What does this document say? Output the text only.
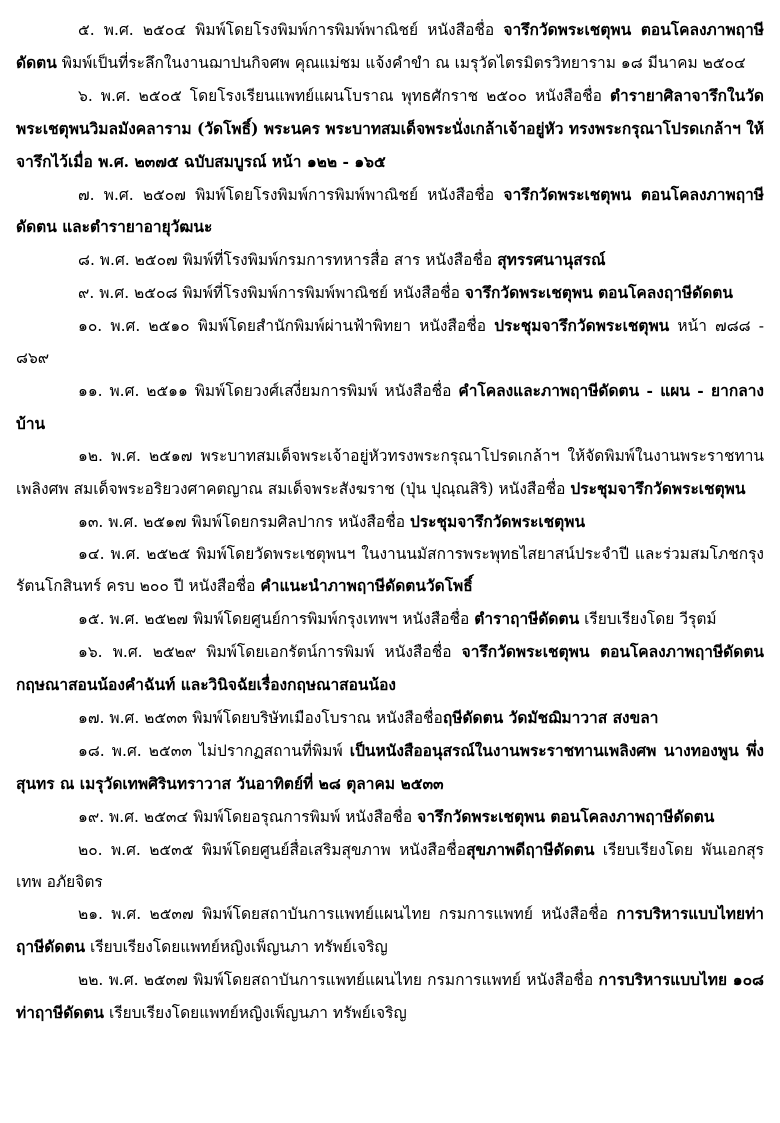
๕. พ.ศ. ๒๕๐๔ พิมพ์โดยโรงพิมพ์การพิมพ์พาณิชย์ หนังสือชื่อ จารึกวัดพระเชตุพน ตอนโคลงภาพฤาษีดัดตน พิมพ์เป็นที่ระลึกในงานฌาปนกิจศพ คุณแม่ชม แจ้งคำขำ ณ เมรุวัดไตรมิตรวิทยาราม ๑๘ มีนาคม ๒๕๐๔

๖. พ.ศ. ๒๕๐๕ โดยโรงเรียนแพทย์แผนโบราณ พุทธศักราช ๒๕๐๐ หนังสือชื่อ ตำรายาศิลาจารึกในวัดพระเชตุพนวิมลมังคลาราม (วัดโพธิ์) พระนคร พระบาทสมเด็จพระนั่งเกล้าเจ้าอยู่หัว ทรงพระกรุณาโปรดเกล้าฯ ให้จารึกไว้เมื่อ พ.ศ. ๒๓๗๕ ฉบับสมบูรณ์ หน้า ๑๒๒ - ๑๖๕

๗. พ.ศ. ๒๕๐๗ พิมพ์โดยโรงพิมพ์การพิมพ์พาณิชย์ หนังสือชื่อ จารึกวัดพระเชตุพน ตอนโคลงภาพฤาษีดัดตน และตำรายาอายุวัฒนะ

๘. พ.ศ. ๒๕๐๗ พิมพ์ที่โรงพิมพ์กรมการทหารสื่อ สาร หนังสือชื่อ สุทรรศนานุสรณ์

๙. พ.ศ. ๒๕๐๘ พิมพ์ที่โรงพิมพ์การพิมพ์พาณิชย์ หนังสือชื่อ จารึกวัดพระเชตุพน ตอนโคลงฤาษีดัดตน

๑๐. พ.ศ. ๒๕๑๐ พิมพ์โดยสำนักพิมพ์ผ่านฟ้าพิทยา หนังสือชื่อ ประชุมจารึกวัดพระเชตุพน หน้า ๗๘๘ - ๘๖๙

๑๑. พ.ศ. ๒๕๑๑ พิมพ์โดยวงศ์เสงี่ยมการพิมพ์ หนังสือชื่อ คำโคลงและภาพฤาษีดัดตน - แผน - ยากลางบ้าน

๑๒. พ.ศ. ๒๕๑๗ พระบาทสมเด็จพระเจ้าอยู่หัวทรงพระกรุณาโปรดเกล้าฯ ให้จัดพิมพ์ในงานพระราชทานเพลิงศพ สมเด็จพระอริยวงศาคตญาณ สมเด็จพระสังฆราช (ปุ่น ปุณฺณสิริ) หนังสือชื่อ ประชุมจารึกวัดพระเชตุพน

๑๓. พ.ศ. ๒๕๑๗ พิมพ์โดยกรมศิลปากร หนังสือชื่อ ประชุมจารึกวัดพระเชตุพน

๑๔. พ.ศ. ๒๕๒๕ พิมพ์โดยวัดพระเชตุพนฯ ในงานนมัสการพระพุทธไสยาสน์ประจำปี และร่วมสมโภชกรุงรัตนโกสินทร์ ครบ ๒๐๐ ปี หนังสือชื่อ คำแนะนำภาพฤาษีดัดตนวัดโพธิ์

๑๕. พ.ศ. ๒๕๒๗ พิมพ์โดยศูนย์การพิมพ์กรุงเทพฯ หนังสือชื่อ ตำราฤาษีดัดตน เรียบเรียงโดย วีรุตม์

๑๖. พ.ศ. ๒๕๒๙ พิมพ์โดยเอกรัตน์การพิมพ์ หนังสือชื่อ จารึกวัดพระเชตุพน ตอนโคลงภาพฤาษีดัดตน กฤษณาสอนน้องคำฉันท์ และวินิจฉัยเรื่องกฤษณาสอนน้อง

๑๗. พ.ศ. ๒๕๓๓ พิมพ์โดยบริษัทเมืองโบราณ หนังสือชื่อฤษีดัดตน วัดมัชฌิมาวาส สงขลา

๑๘. พ.ศ. ๒๕๓๓ ไม่ปรากฏสถานที่พิมพ์ เป็นหนังสืออนุสรณ์ในงานพระราชทานเพลิงศพ นางทองพูน พึ่งสุนทร ณ เมรุวัดเทพศิรินทราวาส วันอาทิตย์ที่ ๒๘ ตุลาคม ๒๕๓๓

๑๙. พ.ศ. ๒๕๓๔ พิมพ์โดยอรุณการพิมพ์ หนังสือชื่อ จารึกวัดพระเชตุพน ตอนโคลงภาพฤาษีดัดตน

๒๐. พ.ศ. ๒๕๓๕ พิมพ์โดยศูนย์สื่อเสริมสุขภาพ หนังสือชื่อสุขภาพดีฤาษีดัดตน เรียบเรียงโดย พันเอกสุรเทพ อภัยจิตร

๒๑. พ.ศ. ๒๕๓๗ พิมพ์โดยสถาบันการแพทย์แผนไทย กรมการแพทย์ หนังสือชื่อ การบริหารแบบไทยท่าฤาษีดัดตน เรียบเรียงโดยแพทย์หญิงเพ็ญนภา ทรัพย์เจริญ

๒๒. พ.ศ. ๒๕๓๗ พิมพ์โดยสถาบันการแพทย์แผนไทย กรมการแพทย์ หนังสือชื่อ การบริหารแบบไทย ๑๐๘ ท่าฤาษีดัดตน เรียบเรียงโดยแพทย์หญิงเพ็ญนภา ทรัพย์เจริญ
